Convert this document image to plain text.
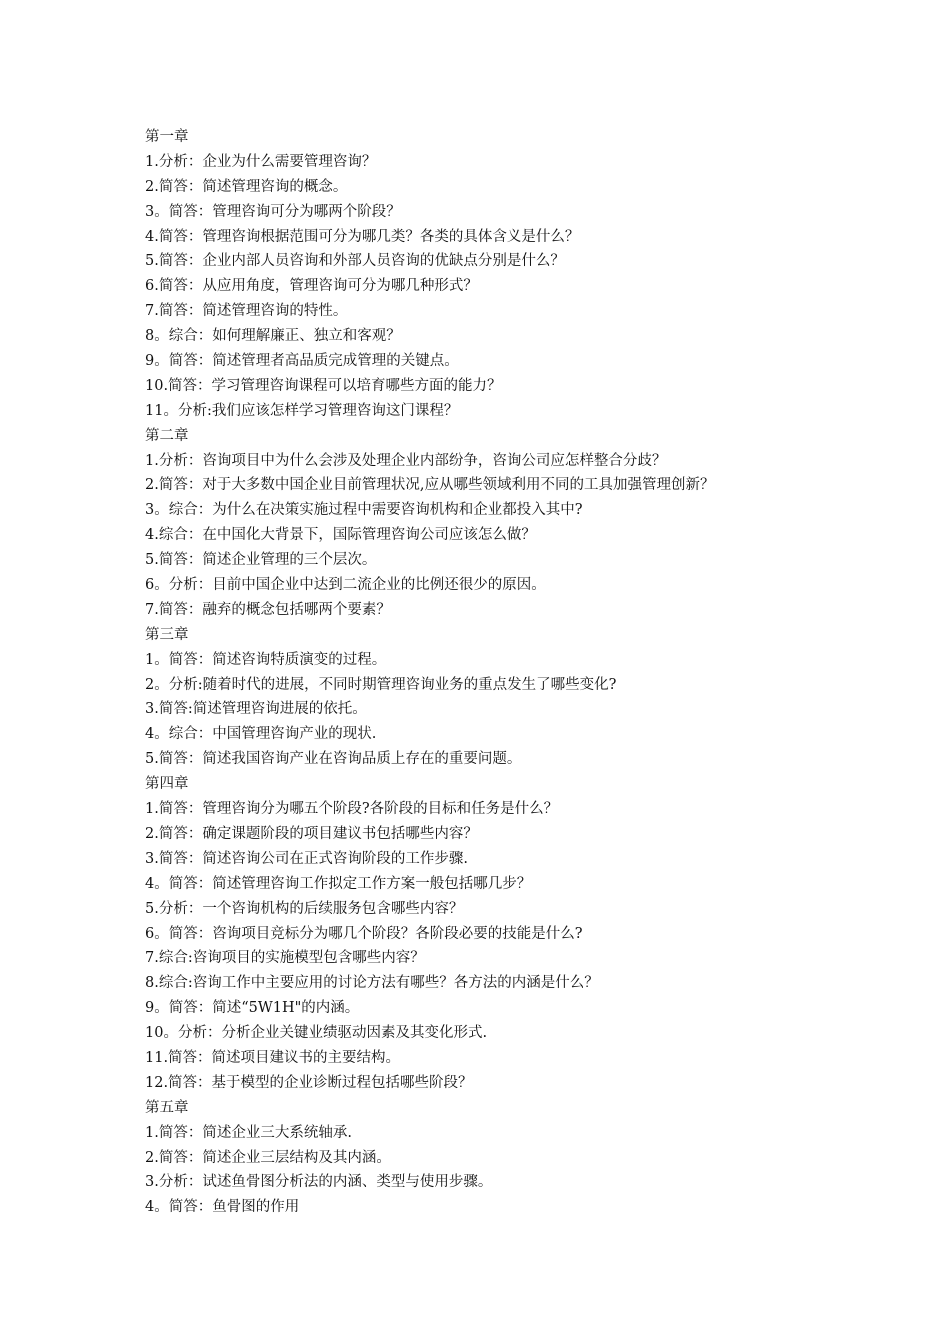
第一章
1.分析：企业为什么需要管理咨询？
2.简答：简述管理咨询的概念。
3。简答：管理咨询可分为哪两个阶段？
4.简答：管理咨询根据范围可分为哪几类？各类的具体含义是什么？
5.简答：企业内部人员咨询和外部人员咨询的优缺点分别是什么？
6.简答：从应用角度，管理咨询可分为哪几种形式？
7.简答：简述管理咨询的特性。
8。综合：如何理解廉正、独立和客观？
9。简答：简述管理者高品质完成管理的关键点。
10.简答：学习管理咨询课程可以培育哪些方面的能力？
11。分析:我们应该怎样学习管理咨询这门课程？
第二章
1.分析：咨询项目中为什么会涉及处理企业内部纷争，咨询公司应怎样整合分歧？
2.简答：对于大多数中国企业目前管理状况,应从哪些领域利用不同的工具加强管理创新？
3。综合：为什么在决策实施过程中需要咨询机构和企业都投入其中?
4.综合：在中国化大背景下，国际管理咨询公司应该怎么做？
5.简答：简述企业管理的三个层次。
6。分析：目前中国企业中达到二流企业的比例还很少的原因。
7.简答：融弃的概念包括哪两个要素？
第三章
1。简答：简述咨询特质演变的过程。
2。分析:随着时代的进展，不同时期管理咨询业务的重点发生了哪些变化?
3.简答:简述管理咨询进展的依托。
4。综合：中国管理咨询产业的现状.
5.简答：简述我国咨询产业在咨询品质上存在的重要问题。
第四章
1.简答：管理咨询分为哪五个阶段?各阶段的目标和任务是什么？
2.简答：确定课题阶段的项目建议书包括哪些内容？
3.简答：简述咨询公司在正式咨询阶段的工作步骤.
4。简答：简述管理咨询工作拟定工作方案一般包括哪几步？
5.分析：一个咨询机构的后续服务包含哪些内容？
6。简答：咨询项目竞标分为哪几个阶段？各阶段必要的技能是什么?
7.综合:咨询项目的实施模型包含哪些内容？
8.综合:咨询工作中主要应用的讨论方法有哪些？各方法的内涵是什么？
9。简答：简述“5W1H"的内涵。
10。分析：分析企业关键业绩驱动因素及其变化形式.
11.简答：简述项目建议书的主要结构。
12.简答：基于模型的企业诊断过程包括哪些阶段？
第五章
1.简答：简述企业三大系统轴承.
2.简答：简述企业三层结构及其内涵。
3.分析：试述鱼骨图分析法的内涵、类型与使用步骤。
4。简答：鱼骨图的作用
